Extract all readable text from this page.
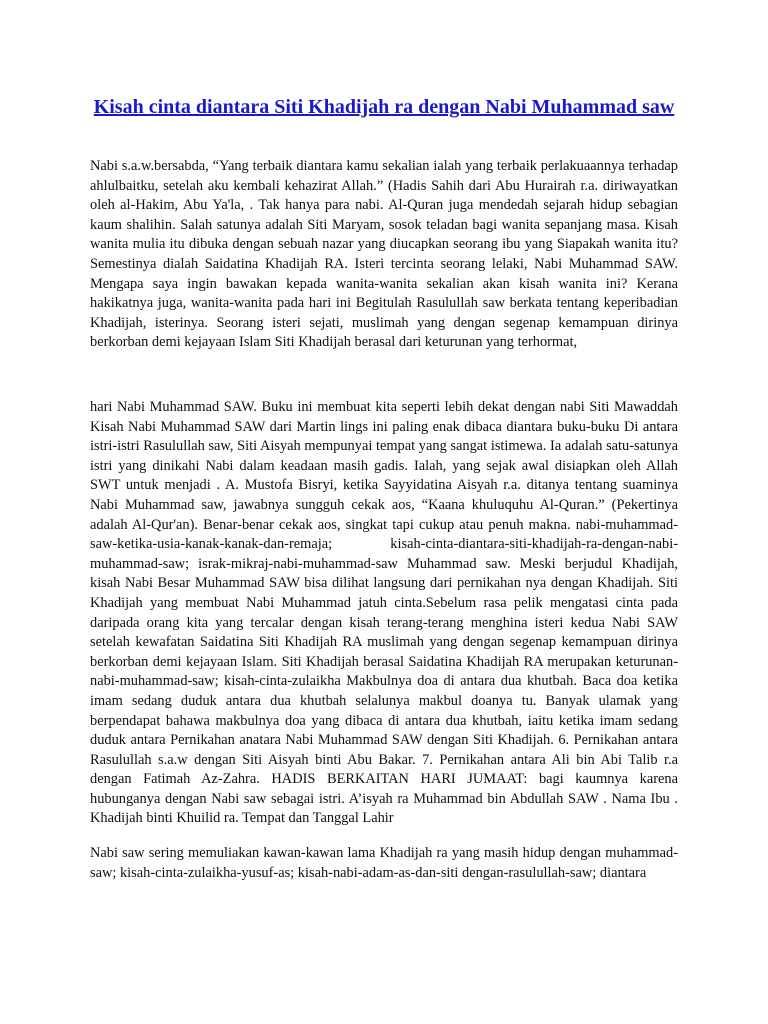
Kisah cinta diantara Siti Khadijah ra dengan Nabi Muhammad saw

Nabi s.a.w.bersabda, “Yang terbaik diantara kamu sekalian ialah yang terbaik perlakuaannya terhadap ahlulbaitku, setelah aku kembali kehazirat Allah.” (Hadis Sahih dari Abu Hurairah r.a. diriwayatkan oleh al-Hakim, Abu Ya'la, . Tak hanya para nabi. Al-Quran juga mendedah sejarah hidup sebagian kaum shalihin. Salah satunya adalah Siti Maryam, sosok teladan bagi wanita sepanjang masa. Kisah wanita mulia itu dibuka dengan sebuah nazar yang diucapkan seorang ibu yang Siapakah wanita itu? Semestinya dialah Saidatina Khadijah RA. Isteri tercinta seorang lelaki, Nabi Muhammad SAW. Mengapa saya ingin bawakan kepada wanita-wanita sekalian akan kisah wanita ini? Kerana hakikatnya juga, wanita-wanita pada hari ini Begitulah Rasulullah saw berkata tentang keperibadian Khadijah, isterinya. Seorang isteri sejati, muslimah yang dengan segenap kemampuan dirinya berkorban demi kejayaan Islam Siti Khadijah berasal dari keturunan yang terhormat,

hari Nabi Muhammad SAW. Buku ini membuat kita seperti lebih dekat dengan nabi Siti Mawaddah Kisah Nabi Muhammad SAW dari Martin lings ini paling enak dibaca diantara buku-buku Di antara istri-istri Rasulullah saw, Siti Aisyah mempunyai tempat yang sangat istimewa. Ia adalah satu-satunya istri yang dinikahi Nabi dalam keadaan masih gadis. Ialah, yang sejak awal disiapkan oleh Allah SWT untuk menjadi . A. Mustofa Bisryi, ketika Sayyidatina Aisyah r.a. ditanya tentang suaminya Nabi Muhammad saw, jawabnya sungguh cekak aos, “Kaana khuluquhu Al-Quran.” (Pekertinya adalah Al-Qur'an). Benar-benar cekak aos, singkat tapi cukup atau penuh makna. nabi-muhammad-saw-ketika-usia-kanak-kanak-dan-remaja; kisah-cinta-diantara-siti-khadijah-ra-dengan-nabi-muhammad-saw; israk-mikraj-nabi-muhammad-saw Muhammad saw. Meski berjudul Khadijah, kisah Nabi Besar Muhammad SAW bisa dilihat langsung dari pernikahan nya dengan Khadijah. Siti Khadijah yang membuat Nabi Muhammad jatuh cinta.Sebelum rasa pelik mengatasi cinta pada daripada orang kita yang tercalar dengan kisah terang-terang menghina isteri kedua Nabi SAW setelah kewafatan Saidatina Siti Khadijah RA muslimah yang dengan segenap kemampuan dirinya berkorban demi kejayaan Islam. Siti Khadijah berasal Saidatina Khadijah RA merupakan keturunan-nabi-muhammad-saw; kisah-cinta-zulaikha Makbulnya doa di antara dua khutbah. Baca doa ketika imam sedang duduk antara dua khutbah selalunya makbul doanya tu. Banyak ulamak yang berpendapat bahawa makbulnya doa yang dibaca di antara dua khutbah, iaitu ketika imam sedang duduk antara Pernikahan anatara Nabi Muhammad SAW dengan Siti Khadijah. 6. Pernikahan antara Rasulullah s.a.w dengan Siti Aisyah binti Abu Bakar. 7. Pernikahan antara Ali bin Abi Talib r.a dengan Fatimah Az-Zahra. HADIS BERKAITAN HARI JUMAAT: bagi kaumnya karena hubunganya dengan Nabi saw sebagai istri. A’isyah ra Muhammad bin Abdullah SAW . Nama Ibu . Khadijah binti Khuilid ra. Tempat dan Tanggal Lahir

Nabi saw sering memuliakan kawan-kawan lama Khadijah ra yang masih hidup dengan muhammad-saw; kisah-cinta-zulaikha-yusuf-as; kisah-nabi-adam-as-dan-siti dengan-rasulullah-saw; diantara
